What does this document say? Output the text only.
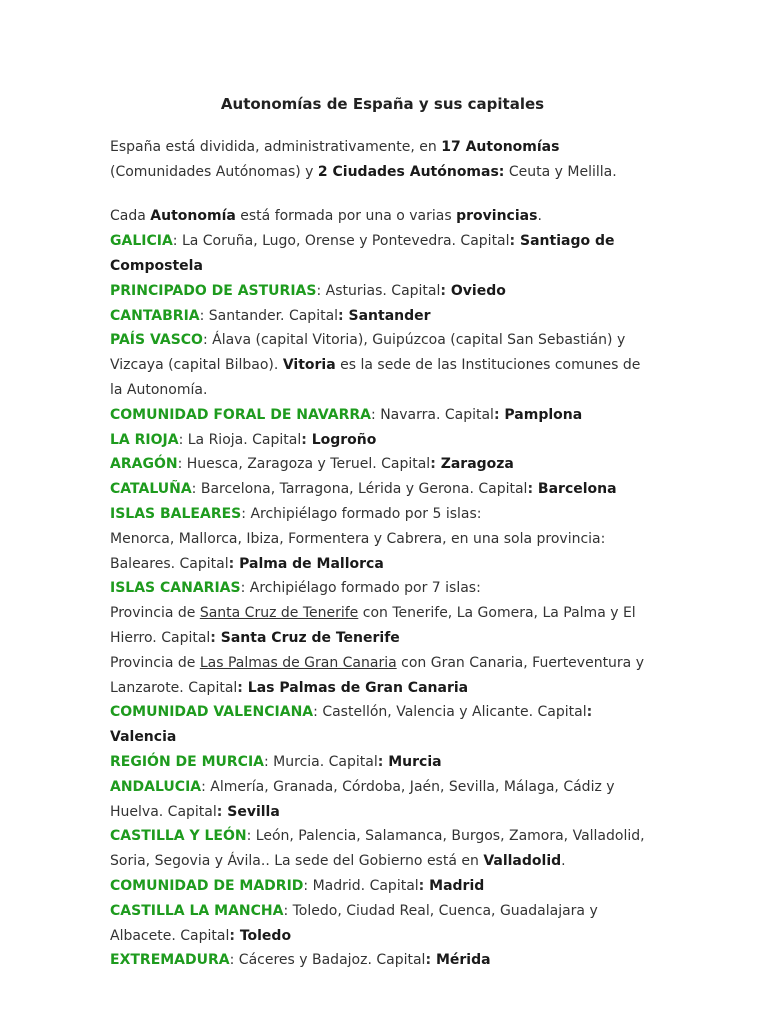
Autonomías de España y sus capitales

España está dividida, administrativamente, en 17 Autonomías (Comunidades Autónomas) y 2 Ciudades Autónomas: Ceuta y Melilla.

Cada Autonomía está formada por una o varias provincias.

GALICIA: La Coruña, Lugo, Orense y Pontevedra. Capital: Santiago de Compostela

PRINCIPADO DE ASTURIAS: Asturias. Capital: Oviedo

CANTABRIA: Santander. Capital: Santander

PAÍS VASCO: Álava (capital Vitoria), Guipúzcoa (capital San Sebastián) y Vizcaya (capital Bilbao). Vitoria es la sede de las Instituciones comunes de la Autonomía.

COMUNIDAD FORAL DE NAVARRA: Navarra. Capital: Pamplona

LA RIOJA: La Rioja. Capital: Logroño

ARAGÓN: Huesca, Zaragoza y Teruel. Capital: Zaragoza

CATALUÑA: Barcelona, Tarragona, Lérida y Gerona. Capital: Barcelona

ISLAS BALEARES: Archipiélago formado por 5 islas:

Menorca, Mallorca, Ibiza, Formentera y Cabrera, en una sola provincia: Baleares. Capital: Palma de Mallorca

ISLAS CANARIAS: Archipiélago formado por 7 islas:

Provincia de Santa Cruz de Tenerife con Tenerife, La Gomera, La Palma y El Hierro. Capital: Santa Cruz de Tenerife

Provincia de Las Palmas de Gran Canaria con Gran Canaria, Fuerteventura y Lanzarote. Capital: Las Palmas de Gran Canaria

COMUNIDAD VALENCIANA: Castellón, Valencia y Alicante. Capital: Valencia

REGIÓN DE MURCIA: Murcia. Capital: Murcia

ANDALUCIA: Almería, Granada, Córdoba, Jaén, Sevilla, Málaga, Cádiz y Huelva. Capital: Sevilla

CASTILLA Y LEÓN: León, Palencia, Salamanca, Burgos, Zamora, Valladolid, Soria, Segovia y Ávila.. La sede del Gobierno está en Valladolid.

COMUNIDAD DE MADRID: Madrid. Capital: Madrid

CASTILLA LA MANCHA: Toledo, Ciudad Real, Cuenca, Guadalajara y Albacete. Capital: Toledo

EXTREMADURA: Cáceres y Badajoz. Capital: Mérida
